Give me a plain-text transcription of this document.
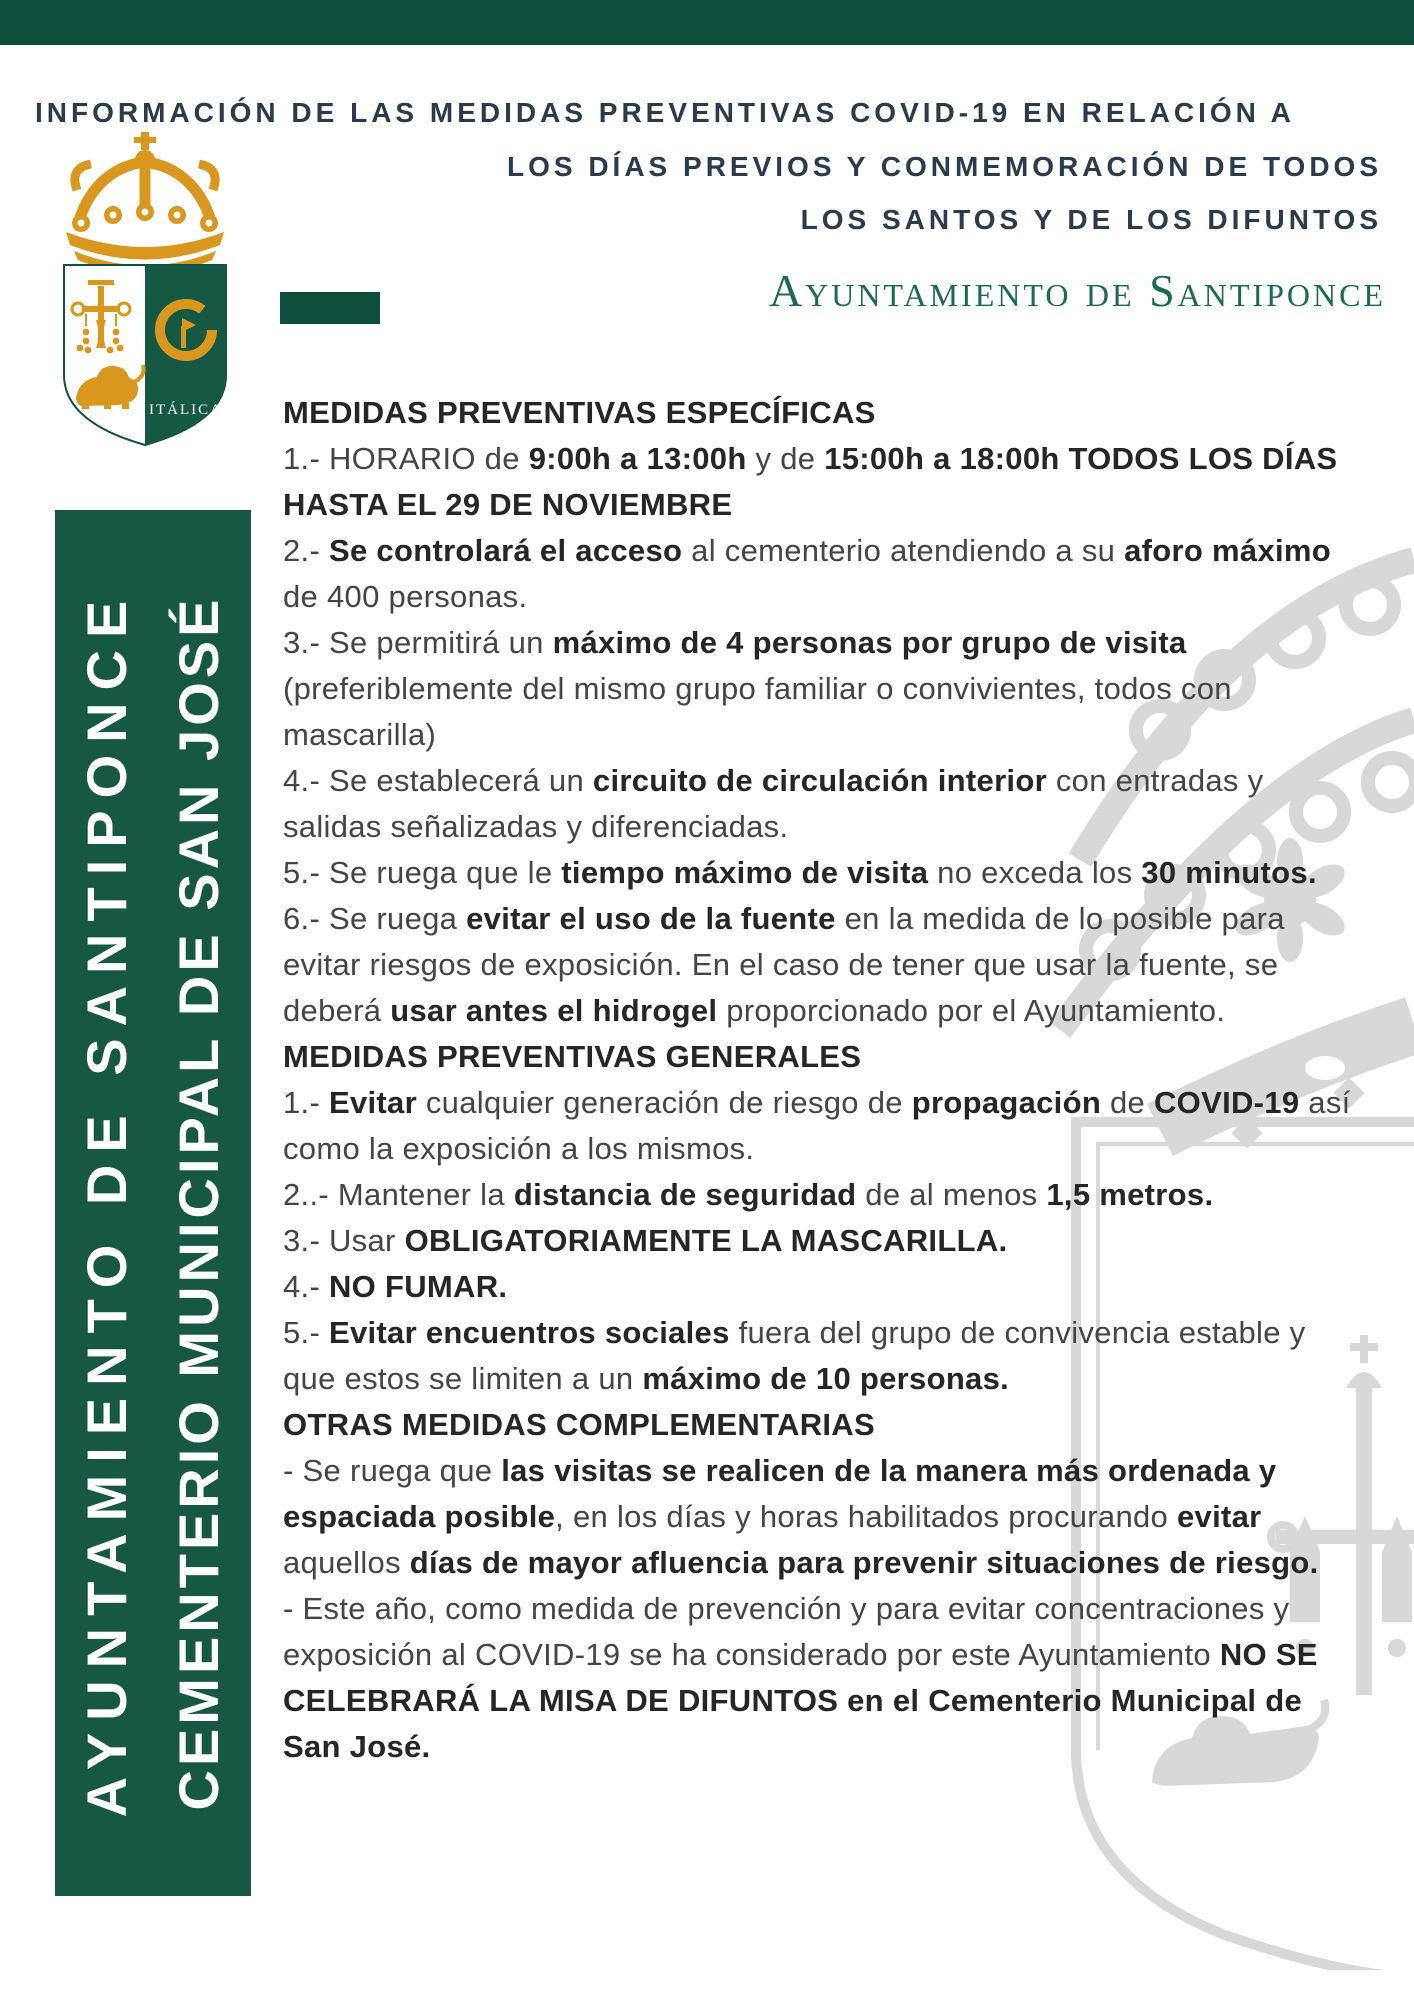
INFORMACIÓN DE LAS MEDIDAS PREVENTIVAS COVID-19 EN RELACIÓN A
LOS DÍAS PREVIOS Y CONMEMORACIÓN DE TODOS
LOS SANTOS Y DE LOS DIFUNTOS
ITÁLICA
Ayuntamiento de Santiponce
AYUNTAMIENTO DE SANTIPONCE CEMENTERIO MUNICIPAL DE SAN JOSÉ

MEDIDAS PREVENTIVAS ESPECÍFICAS

1.- HORARIO de 9:00h a 13:00h y de 15:00h a 18:00h TODOS LOS DÍAS HASTA EL 29 DE NOVIEMBRE

2.- Se controlará el acceso al cementerio atendiendo a su aforo máximo de 400 personas.

3.- Se permitirá un máximo de 4 personas por grupo de visita (preferiblemente del mismo grupo familiar o convivientes, todos con mascarilla)

4.- Se establecerá un circuito de circulación interior con entradas y salidas señalizadas y diferenciadas.

5.- Se ruega que le tiempo máximo de visita no exceda los 30 minutos.

6.- Se ruega evitar el uso de la fuente en la medida de lo posible para evitar riesgos de exposición. En el caso de tener que usar la fuente, se deberá usar antes el hidrogel proporcionado por el Ayuntamiento.

MEDIDAS PREVENTIVAS GENERALES

1.- Evitar cualquier generación de riesgo de propagación de COVID-19 así como la exposición a los mismos.

2..- Mantener la distancia de seguridad de al menos 1,5 metros.

3.- Usar OBLIGATORIAMENTE LA MASCARILLA.

4.- NO FUMAR.

5.- Evitar encuentros sociales fuera del grupo de convivencia estable y que estos se limiten a un máximo de 10 personas.

OTRAS MEDIDAS COMPLEMENTARIAS

- Se ruega que las visitas se realicen de la manera más ordenada y espaciada posible, en los días y horas habilitados procurando evitar aquellos días de mayor afluencia para prevenir situaciones de riesgo.

- Este año, como medida de prevención y para evitar concentraciones y exposición al COVID-19 se ha considerado por este Ayuntamiento NO SE CELEBRARÁ LA MISA DE DIFUNTOS en el Cementerio Municipal de San José.
